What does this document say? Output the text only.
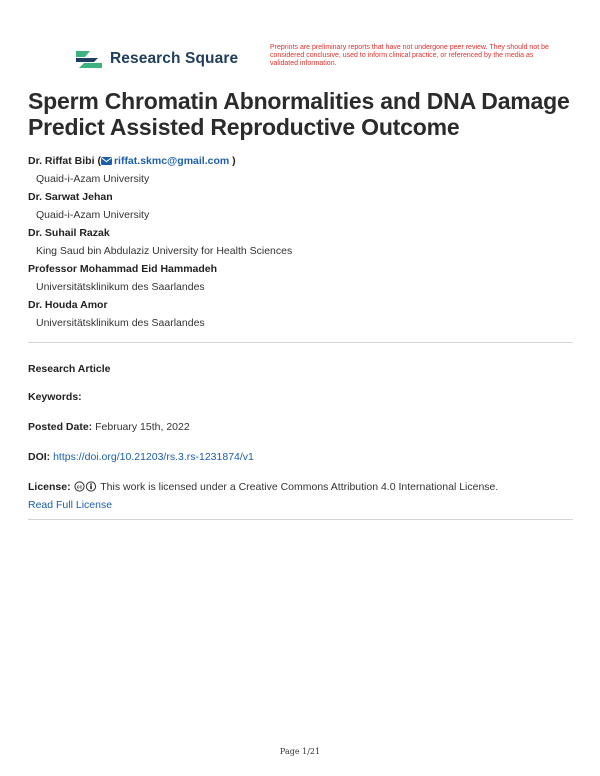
Research Square
Preprints are preliminary reports that have not undergone peer review. They should not be considered conclusive, used to inform clinical practice, or referenced by the media as validated information.
Sperm Chromatin Abnormalities and DNA Damage Predict Assisted Reproductive Outcome
Dr. Riffat Bibi ( riffat.skmc@gmail.com )
Quaid-i-Azam University
Dr. Sarwat Jehan
Quaid-i-Azam University
Dr. Suhail Razak
King Saud bin Abdulaziz University for Health Sciences
Professor Mohammad Eid Hammadeh
Universitätsklinikum des Saarlandes
Dr. Houda Amor
Universitätsklinikum des Saarlandes
Research Article
Keywords:
Posted Date: February 15th, 2022
DOI: https://doi.org/10.21203/rs.3.rs-1231874/v1
License: cc This work is licensed under a Creative Commons Attribution 4.0 International License.
Read Full License
Page 1/21
